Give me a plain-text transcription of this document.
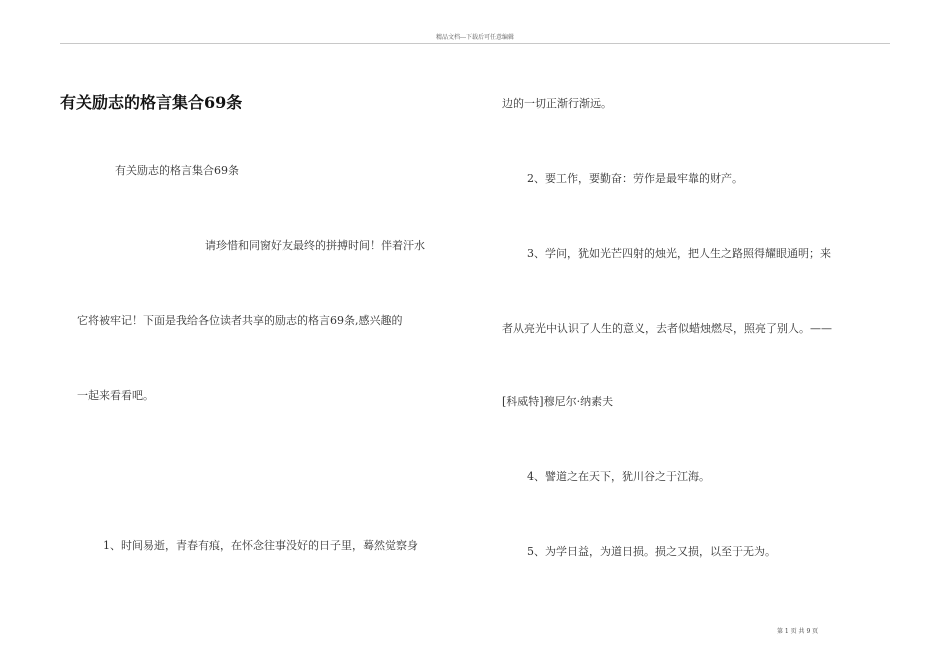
精品文档---下载后可任意编辑
有关励志的格言集合69条
有关励志的格言集合69条
请珍惜和同窗好友最终的拼搏时间！伴着汗水
它将被牢记！下面是我给各位读者共享的励志的格言69条,感兴趣的
一起来看看吧。
1、时间易逝，青春有痕，在怀念往事没好的日子里，蓦然觉察身
边的一切正渐行渐远。
2、要工作，要勤奋：劳作是最牢靠的财产。
3、学问，犹如光芒四射的烛光，把人生之路照得耀眼通明；来
者从亮光中认识了人生的意义，去者似蜡烛燃尽，照亮了别人。——
[科威特]穆尼尔·纳素夫
4、譬道之在天下，犹川谷之于江海。
5、为学日益，为道日损。损之又损，以至于无为。
第 1 页 共 9 页
